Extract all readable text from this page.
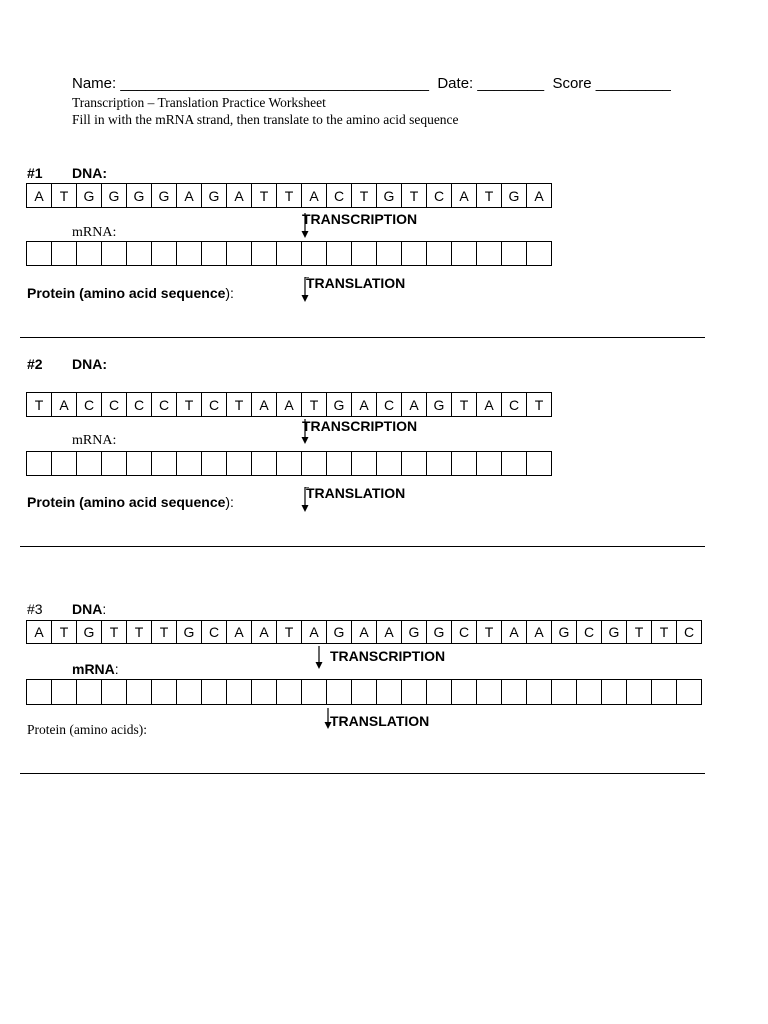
Name: _____________________________________  Date: ________  Score _________
Transcription – Translation Practice Worksheet
Fill in with the mRNA strand, then translate to the amino acid sequence
#1 DNA:
A	T	G	G	G	G	A	G	A	T	T	A	C	T	G	T	C	A	T	G	A
TRANSCRIPTION
mRNA:
TRANSLATION
Protein (amino acid sequence):
#2 DNA:
T	A	C	C	C	C	T	C	T	A	A	T	G	A	C	A	G	T	A	C	T
TRANSCRIPTION
mRNA:
TRANSLATION
Protein (amino acid sequence):
#3 DNA:
A	T	G	T	T	T	G	C	A	A	T	A	G	A	A	G	G	C	T	A	A	G	C	G	T	T	C
TRANSCRIPTION
mRNA:
TRANSLATION
Protein (amino acids):
